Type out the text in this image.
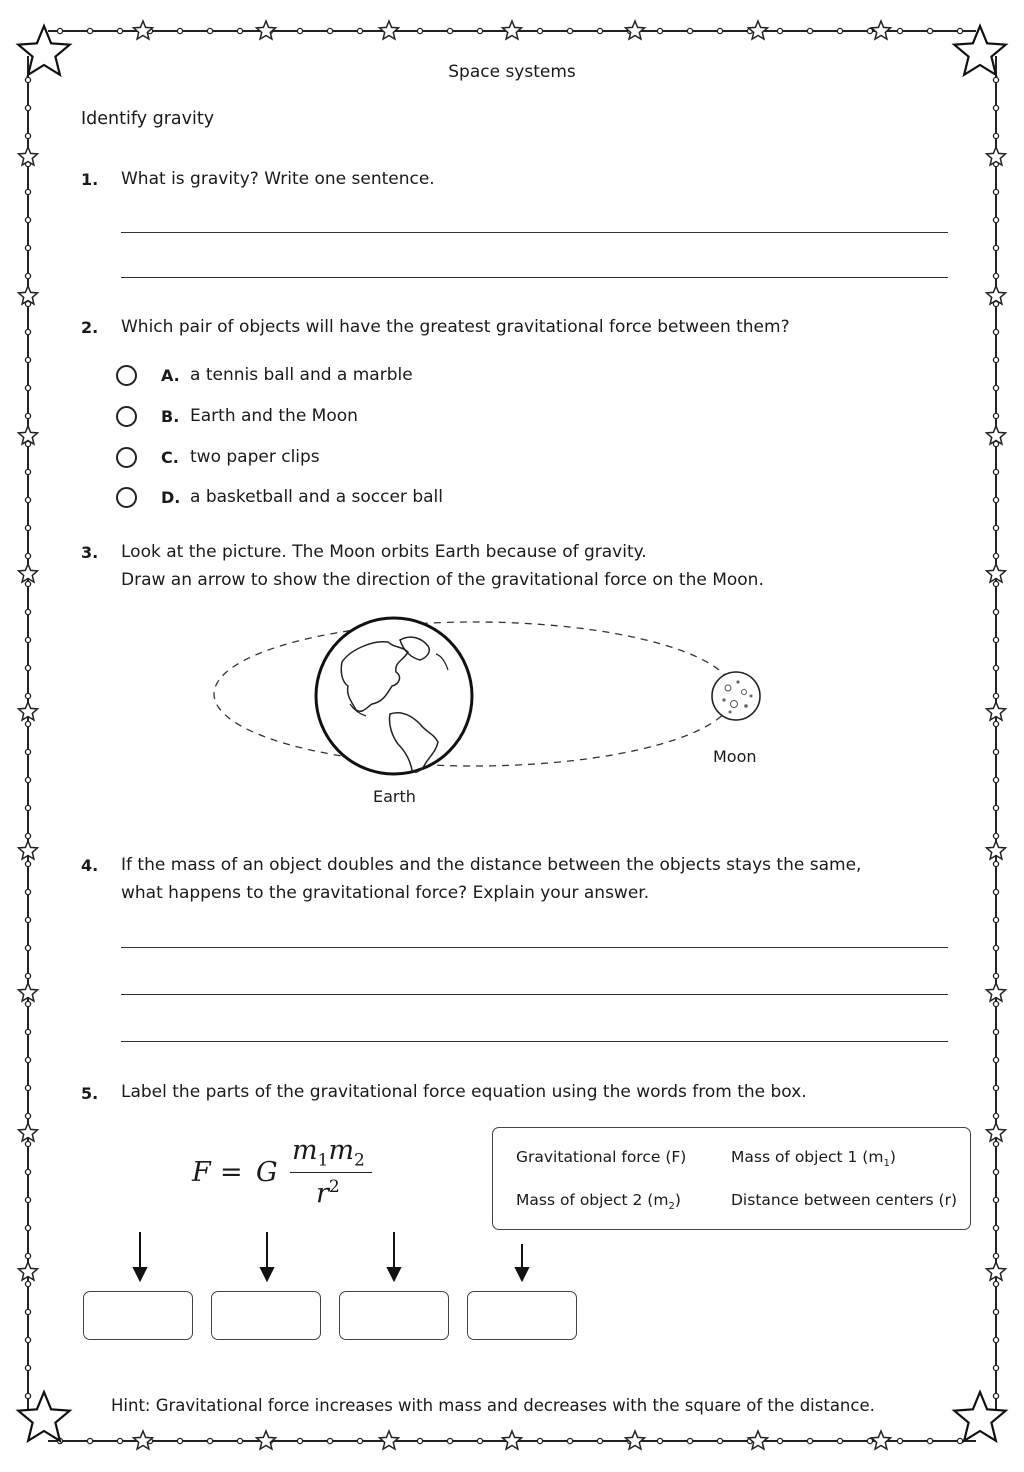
Space systems
Identify gravity
1. What is gravity? Write one sentence.
2. Which pair of objects will have the greatest gravitational force between them?
A. a tennis ball and a marble
B. Earth and the Moon
C. two paper clips
D. a basketball and a soccer ball
3. Look at the picture. The Moon orbits Earth because of gravity.
Draw an arrow to show the direction of the gravitational force on the Moon.
Earth
Moon
4. If the mass of an object doubles and the distance between the objects stays the same,
what happens to the gravitational force? Explain your answer.
5. Label the parts of the gravitational force equation using the words from the box.
F = G
$m_1m_2$
$r^2$
Gravitational force (F)	Mass of object 1 $(m_1)$
Mass of object 2 $(m_2)$	Distance between centers (r)
Hint: Gravitational force increases with mass and decreases with the square of the distance.
